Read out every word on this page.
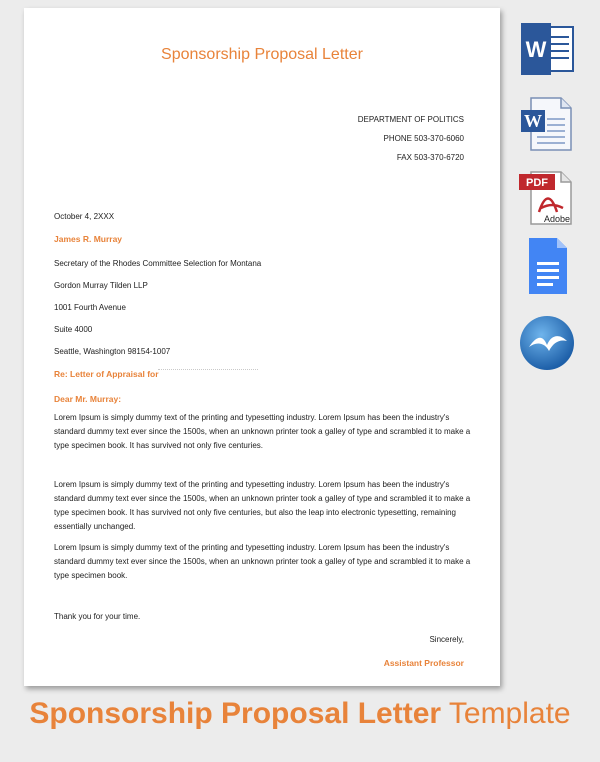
Sponsorship Proposal Letter
DEPARTMENT OF POLITICS
PHONE 503-370-6060
FAX 503-370-6720
October 4, 2XXX
James R. Murray
Secretary of the Rhodes Committee Selection for Montana
Gordon Murray Tilden LLP
1001 Fourth Avenue
Suite 4000
Seattle, Washington 98154-1007
Re: Letter of Appraisal for
Dear Mr. Murray:
Lorem Ipsum is simply dummy text of the printing and typesetting industry. Lorem Ipsum has been the industry's standard dummy text ever since the 1500s, when an unknown printer took a galley of type and scrambled it to make a type specimen book. It has survived not only five centuries.
Lorem Ipsum is simply dummy text of the printing and typesetting industry. Lorem Ipsum has been the industry's standard dummy text ever since the 1500s, when an unknown printer took a galley of type and scrambled it to make a type specimen book. It has survived not only five centuries, but also the leap into electronic typesetting, remaining essentially unchanged.
Lorem Ipsum is simply dummy text of the printing and typesetting industry. Lorem Ipsum has been the industry's standard dummy text ever since the 1500s, when an unknown printer took a galley of type and scrambled it to make a type specimen book.
Thank you for your time.
Sincerely,
Assistant Professor
W
W
PDF
Adobe
Sponsorship Proposal Letter Template
